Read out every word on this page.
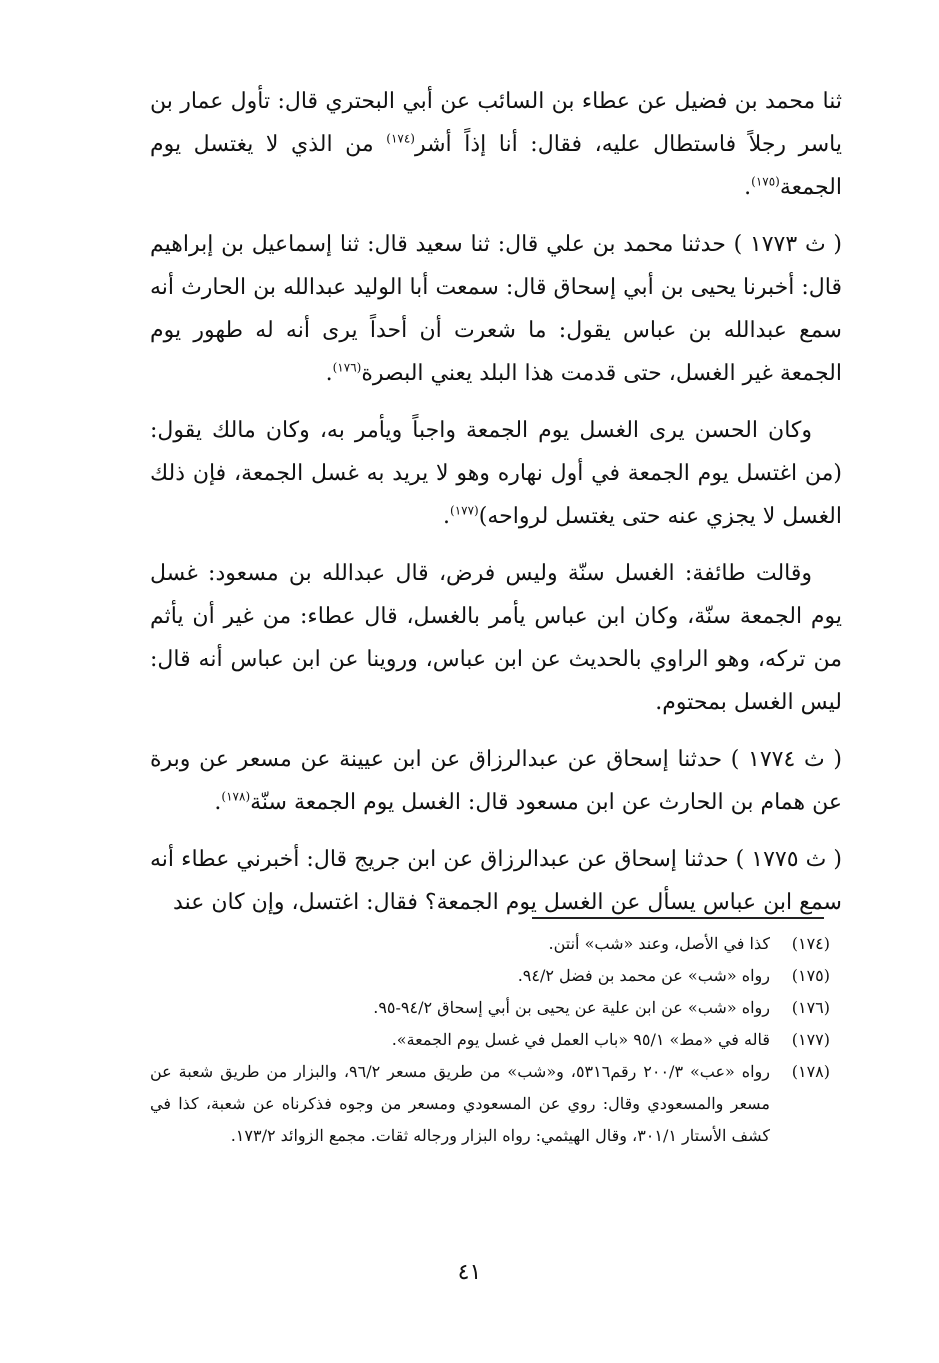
ثنا محمد بن فضيل عن عطاء بن السائب عن أبي البحتري قال: تأول عمار بن ياسر رجلاً فاستطال عليه، فقال: أنا إذاً أشر$^{(١٧٤)}$ من الذي لا يغتسل يوم الجمعة$^{(١٧٥)}$.

( ث ١٧٧٣ ) حدثنا محمد بن علي قال: ثنا سعيد قال: ثنا إسماعيل بن إبراهيم قال: أخبرنا يحيى بن أبي إسحاق قال: سمعت أبا الوليد عبدالله بن الحارث أنه سمع عبدالله بن عباس يقول: ما شعرت أن أحداً يرى أنه له طهور يوم الجمعة غير الغسل، حتى قدمت هذا البلد يعني البصرة$^{(١٧٦)}$.

وكان الحسن يرى الغسل يوم الجمعة واجباً ويأمر به، وكان مالك يقول: (من اغتسل يوم الجمعة في أول نهاره وهو لا يريد به غسل الجمعة، فإن ذلك الغسل لا يجزي عنه حتى يغتسل لرواحه)$^{(١٧٧)}$.

وقالت طائفة: الغسل سنّة وليس فرض، قال عبدالله بن مسعود: غسل يوم الجمعة سنّة، وكان ابن عباس يأمر بالغسل، قال عطاء: من غير أن يأثم من تركه، وهو الراوي بالحديث عن ابن عباس، وروينا عن ابن عباس أنه قال: ليس الغسل بمحتوم.

( ث ١٧٧٤ ) حدثنا إسحاق عن عبدالرزاق عن ابن عيينة عن مسعر عن وبرة عن همام بن الحارث عن ابن مسعود قال: الغسل يوم الجمعة سنّة$^{(١٧٨)}$.

( ث ١٧٧٥ ) حدثنا إسحاق عن عبدالرزاق عن ابن جريج قال: أخبرني عطاء أنه سمع ابن عباس يسأل عن الغسل يوم الجمعة؟ فقال: اغتسل، وإن كان عند

(١٧٤)
كذا في الأصل، وعند «شب» أنتن.
(١٧٥)
رواه «شب» عن محمد بن فضل ٩٤/٢.
(١٧٦)
رواه «شب» عن ابن علية عن يحيى بن أبي إسحاق ٩٤/٢-٩٥.
(١٧٧)
قاله في «مط» ٩٥/١ «باب العمل في غسل يوم الجمعة».
(١٧٨)
رواه «عب» ٢٠٠/٣ رقم٥٣١٦، و«شب» من طريق مسعر ٩٦/٢، والبزار من طريق شعبة عن مسعر والمسعودي وقال: روي عن المسعودي ومسعر من وجوه فذكرناه عن شعبة، كذا في كشف الأستار ٣٠١/١، وقال الهيثمي: رواه البزار ورجاله ثقات. مجمع الزوائد ١٧٣/٢.
٤١
